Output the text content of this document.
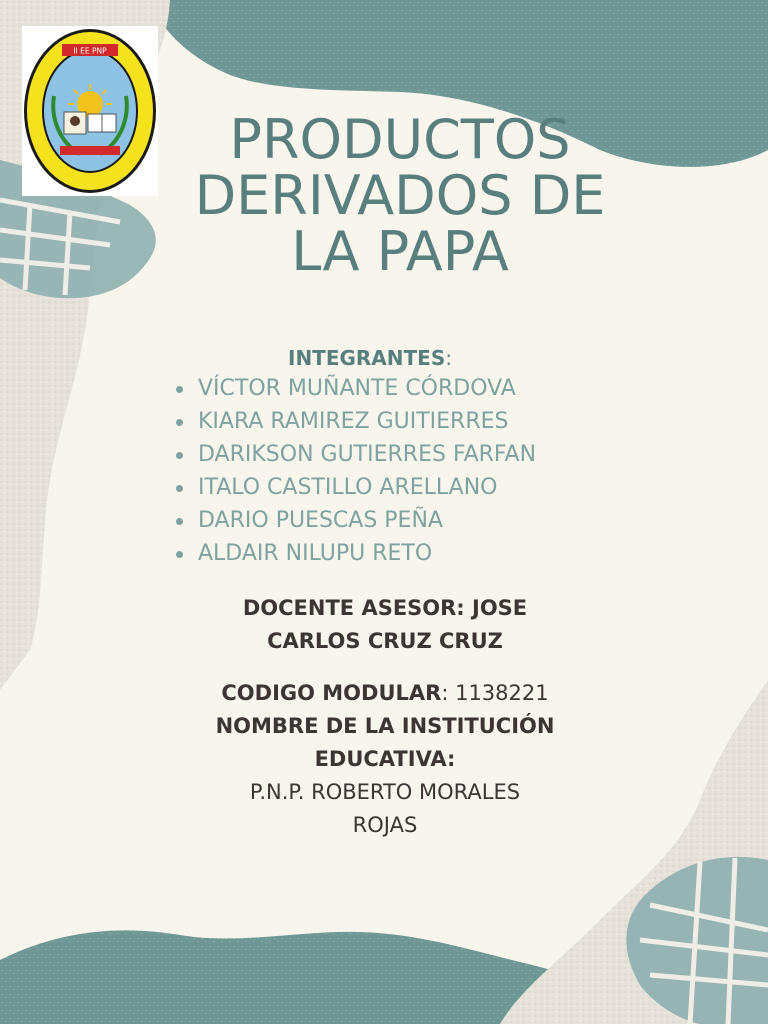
II EE PNP
PRODUCTOS
DERIVADOS DE
LA PAPA
INTEGRANTES:
VÍCTOR MUÑANTE CÓRDOVA
KIARA RAMIREZ GUITIERRES
DARIKSON GUTIERRES FARFAN
ITALO CASTILLO ARELLANO
DARIO PUESCAS PEÑA
ALDAIR NILUPU RETO
DOCENTE ASESOR: JOSE
CARLOS CRUZ CRUZ
CODIGO MODULAR: 1138221
NOMBRE DE LA INSTITUCIÓN
EDUCATIVA:
P.N.P. ROBERTO MORALES
ROJAS
